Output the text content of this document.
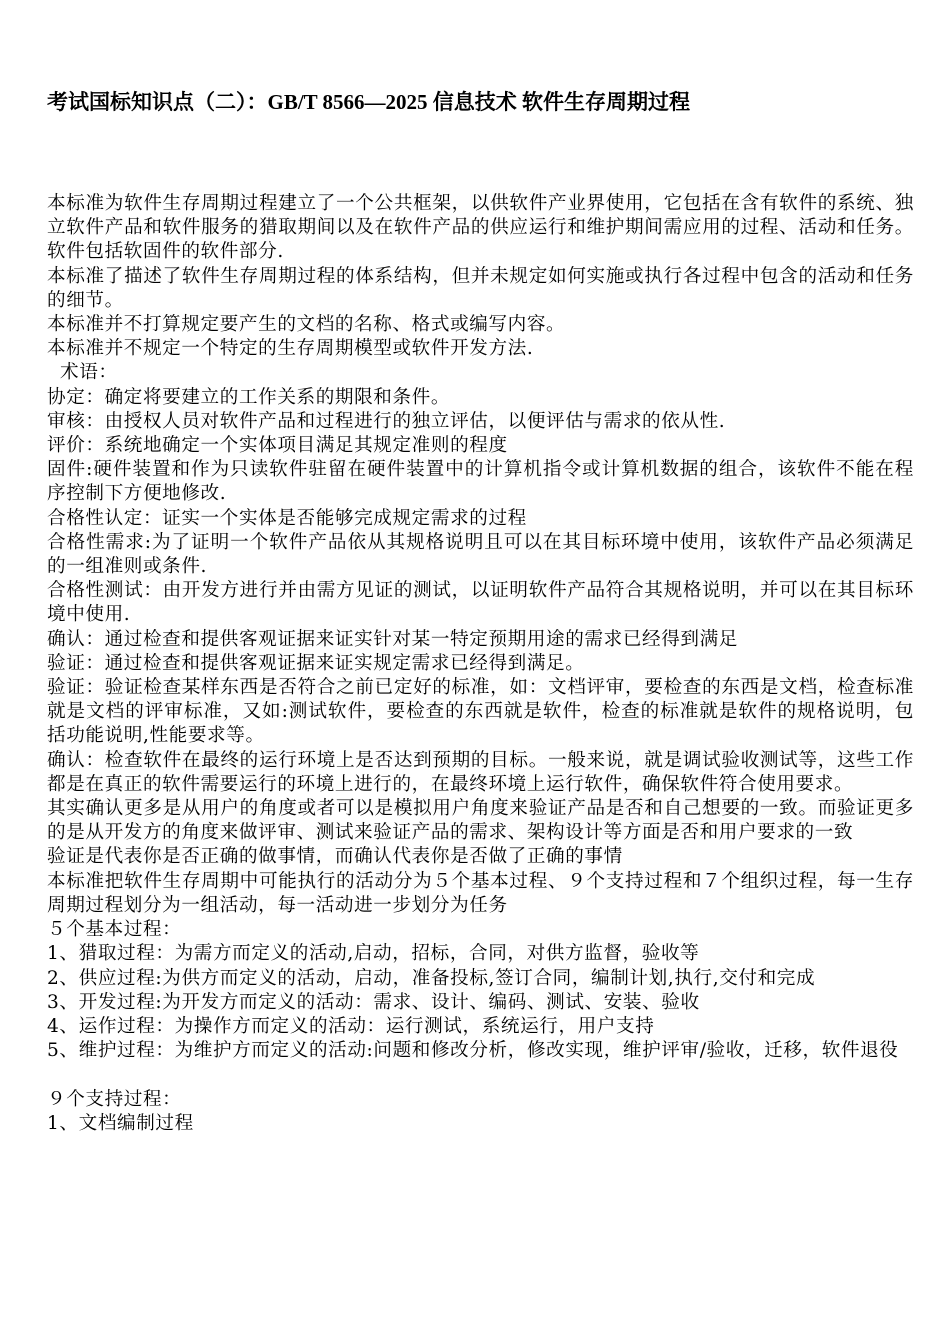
考试国标知识点（二）：GB/T 8566—2025 信息技术 软件生存周期过程

本标准为软件生存周期过程建立了一个公共框架，以供软件产业界使用，它包括在含有软件的系统、独立软件产品和软件服务的猎取期间以及在软件产品的供应运行和维护期间需应用的过程、活动和任务。软件包括软固件的软件部分.

本标准了描述了软件生存周期过程的体系结构，但并未规定如何实施或执行各过程中包含的活动和任务的细节。

本标准并不打算规定要产生的文档的名称、格式或编写内容。

本标准并不规定一个特定的生存周期模型或软件开发方法.

术语：

协定：确定将要建立的工作关系的期限和条件。

审核：由授权人员对软件产品和过程进行的独立评估，以便评估与需求的依从性.

评价：系统地确定一个实体项目满足其规定准则的程度

固件:硬件装置和作为只读软件驻留在硬件装置中的计算机指令或计算机数据的组合，该软件不能在程序控制下方便地修改.

合格性认定：证实一个实体是否能够完成规定需求的过程

合格性需求:为了证明一个软件产品依从其规格说明且可以在其目标环境中使用，该软件产品必须满足的一组准则或条件.

合格性测试：由开发方进行并由需方见证的测试，以证明软件产品符合其规格说明，并可以在其目标环境中使用.

确认：通过检查和提供客观证据来证实针对某一特定预期用途的需求已经得到满足

验证：通过检查和提供客观证据来证实规定需求已经得到满足。

验证：验证检查某样东西是否符合之前已定好的标准，如：文档评审，要检查的东西是文档，检查标准就是文档的评审标准，又如:测试软件，要检查的东西就是软件，检查的标准就是软件的规格说明，包括功能说明,性能要求等。

确认：检查软件在最终的运行环境上是否达到预期的目标。一般来说，就是调试验收测试等，这些工作都是在真正的软件需要运行的环境上进行的，在最终环境上运行软件，确保软件符合使用要求。

其实确认更多是从用户的角度或者可以是模拟用户角度来验证产品是否和自己想要的一致。而验证更多的是从开发方的角度来做评审、测试来验证产品的需求、架构设计等方面是否和用户要求的一致

验证是代表你是否正确的做事情，而确认代表你是否做了正确的事情

本标准把软件生存周期中可能执行的活动分为５个基本过程、９个支持过程和７个组织过程，每一生存周期过程划分为一组活动，每一活动进一步划分为任务

５个基本过程：

1、猎取过程：为需方而定义的活动,启动，招标，合同，对供方监督，验收等

2、供应过程:为供方而定义的活动，启动，准备投标,签订合同，编制计划,执行,交付和完成

3、开发过程:为开发方而定义的活动：需求、设计、编码、测试、安装、验收

4、运作过程：为操作方而定义的活动：运行测试，系统运行，用户支持

5、维护过程：为维护方而定义的活动:问题和修改分析，修改实现，维护评审/验收，迁移，软件退役

９个支持过程：

1、文档编制过程
